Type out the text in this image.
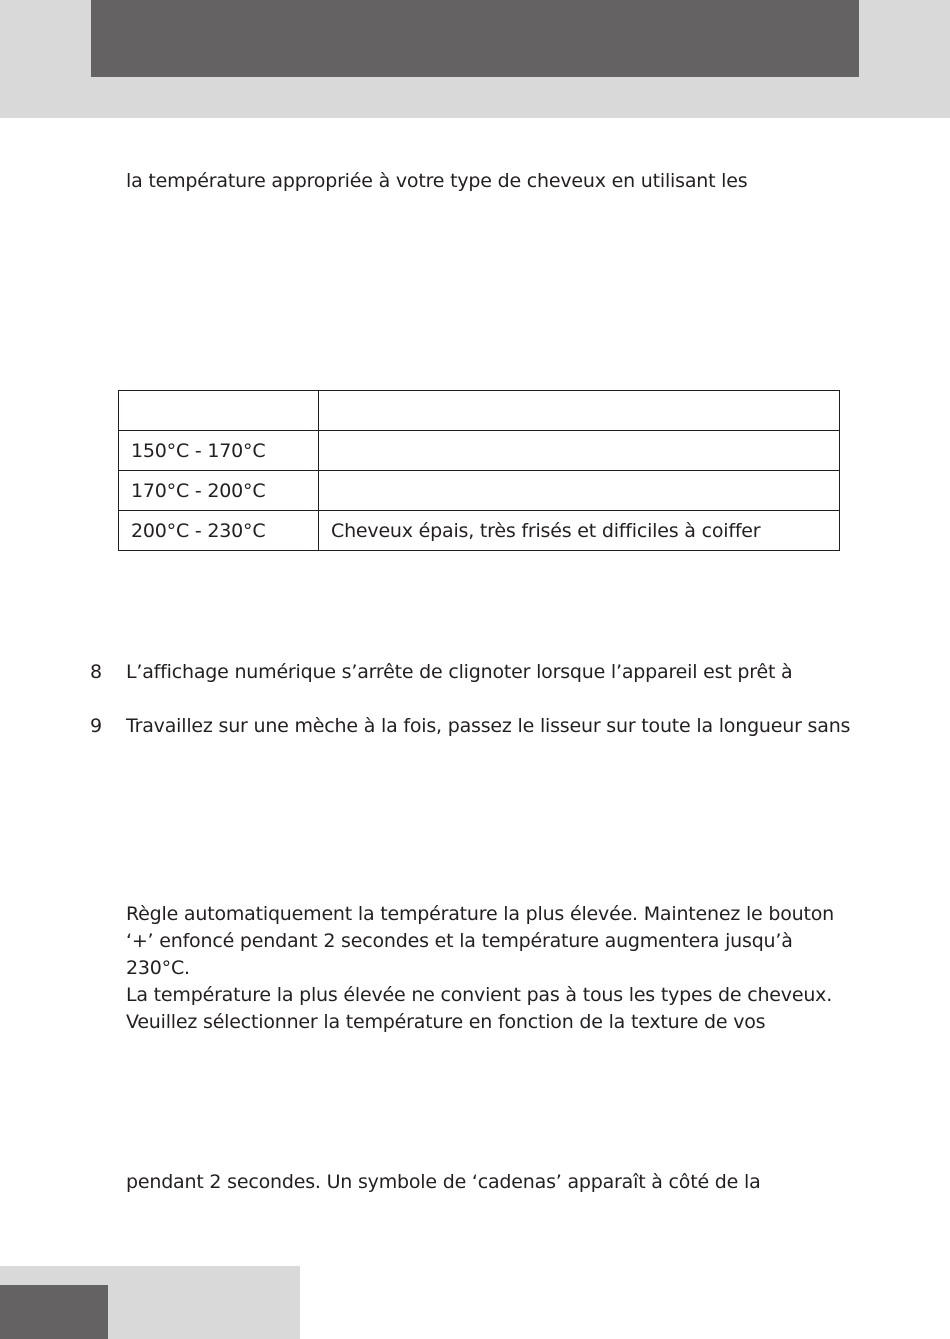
la température appropriée à votre type de cheveux en utilisant les

150°C - 170°C	
170°C - 200°C	
200°C - 230°C	Cheveux épais, très frisés et difficiles à coiffer
8 L’affichage numérique s’arrête de clignoter lorsque l’appareil est prêt à
9 Travaillez sur une mèche à la fois, passez le lisseur sur toute la longueur sans
Règle automatiquement la température la plus élevée. Maintenez le bouton
‘+’ enfoncé pendant 2 secondes et la température augmentera jusqu’à
230°C.
La température la plus élevée ne convient pas à tous les types de cheveux.
Veuillez sélectionner la température en fonction de la texture de vos
pendant 2 secondes. Un symbole de ‘cadenas’ apparaît à côté de la
